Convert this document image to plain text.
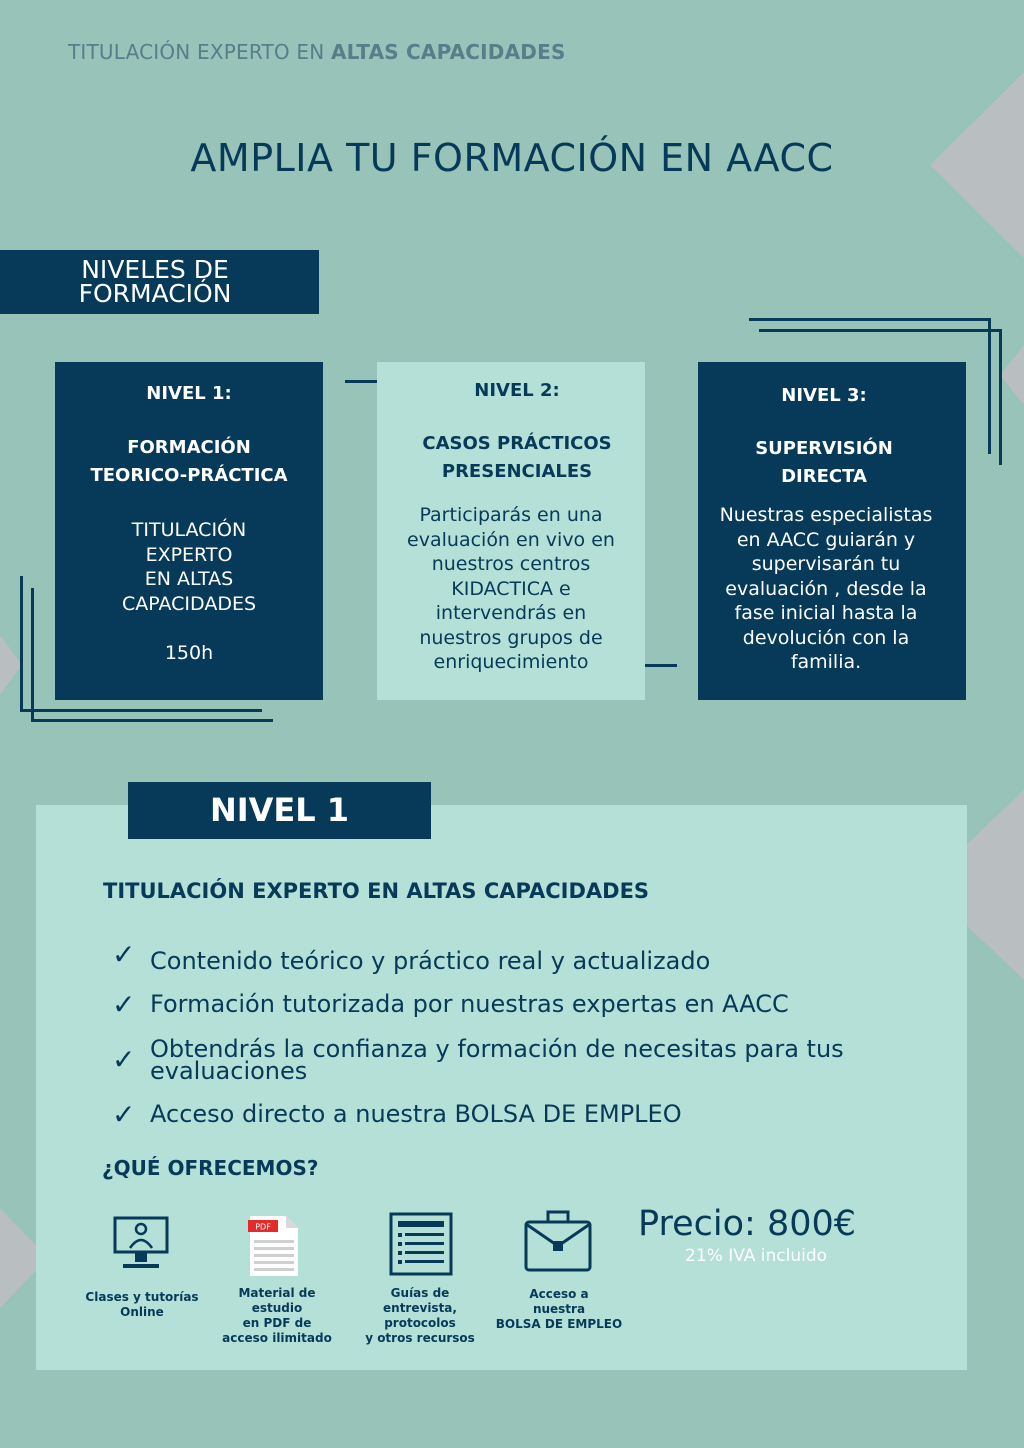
TITULACIÓN EXPERTO EN ALTAS CAPACIDADES
AMPLIA TU FORMACIÓN EN AACC
NIVELES DE
FORMACIÓN
NIVEL 1:
FORMACIÓN
TEORICO-PRÁCTICA
TITULACIÓN
EXPERTO
EN ALTAS
CAPACIDADES
150h
NIVEL 2:
CASOS PRÁCTICOS
PRESENCIALES
Participarás en una
evaluación en vivo en
nuestros centros
KIDACTICA e
intervendrás en
nuestros grupos de
enriquecimiento
NIVEL 3:
SUPERVISIÓN
DIRECTA
Nuestras especialistas
en AACC guiarán y
supervisarán tu
evaluación , desde la
fase inicial hasta la
devolución con la
familia.
NIVEL 1
TITULACIÓN EXPERTO EN ALTAS CAPACIDADES
✓ Contenido teórico y práctico real y actualizado
✓ Formación tutorizada por nuestras expertas en AACC
✓ Obtendrás la confianza y formación de necesitas para tus
evaluaciones
✓ Acceso directo a nuestra BOLSA DE EMPLEO
¿QUÉ OFRECEMOS?
PDF
Clases y tutorías
Online
Material de
estudio
en PDF de
acceso ilimitado
Guías de
entrevista,
protocolos
y otros recursos
Acceso a
nuestra
BOLSA DE EMPLEO
Precio: 800€
21% IVA incluido
